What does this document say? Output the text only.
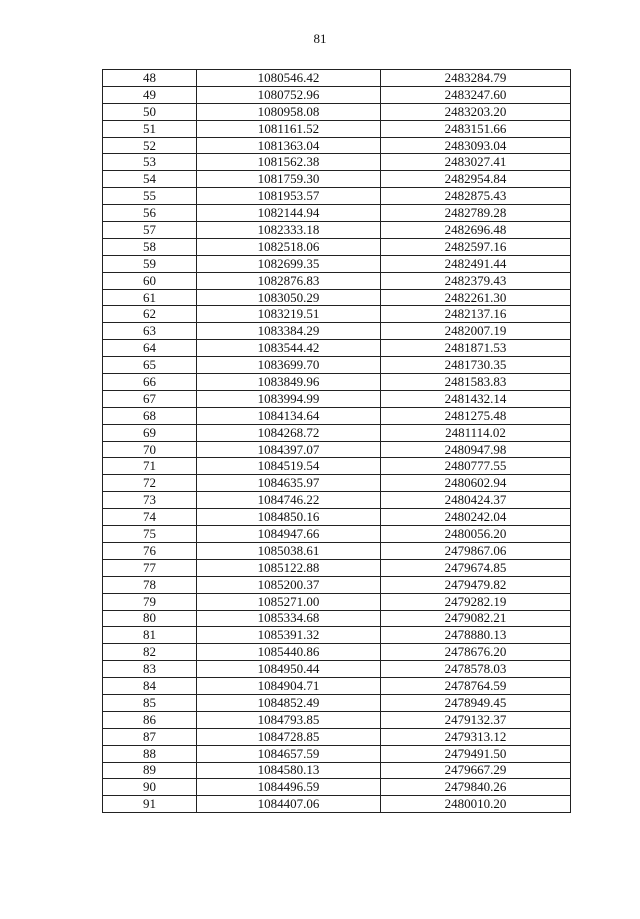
81
48	1080546.42	2483284.79
49	1080752.96	2483247.60
50	1080958.08	2483203.20
51	1081161.52	2483151.66
52	1081363.04	2483093.04
53	1081562.38	2483027.41
54	1081759.30	2482954.84
55	1081953.57	2482875.43
56	1082144.94	2482789.28
57	1082333.18	2482696.48
58	1082518.06	2482597.16
59	1082699.35	2482491.44
60	1082876.83	2482379.43
61	1083050.29	2482261.30
62	1083219.51	2482137.16
63	1083384.29	2482007.19
64	1083544.42	2481871.53
65	1083699.70	2481730.35
66	1083849.96	2481583.83
67	1083994.99	2481432.14
68	1084134.64	2481275.48
69	1084268.72	2481114.02
70	1084397.07	2480947.98
71	1084519.54	2480777.55
72	1084635.97	2480602.94
73	1084746.22	2480424.37
74	1084850.16	2480242.04
75	1084947.66	2480056.20
76	1085038.61	2479867.06
77	1085122.88	2479674.85
78	1085200.37	2479479.82
79	1085271.00	2479282.19
80	1085334.68	2479082.21
81	1085391.32	2478880.13
82	1085440.86	2478676.20
83	1084950.44	2478578.03
84	1084904.71	2478764.59
85	1084852.49	2478949.45
86	1084793.85	2479132.37
87	1084728.85	2479313.12
88	1084657.59	2479491.50
89	1084580.13	2479667.29
90	1084496.59	2479840.26
91	1084407.06	2480010.20
